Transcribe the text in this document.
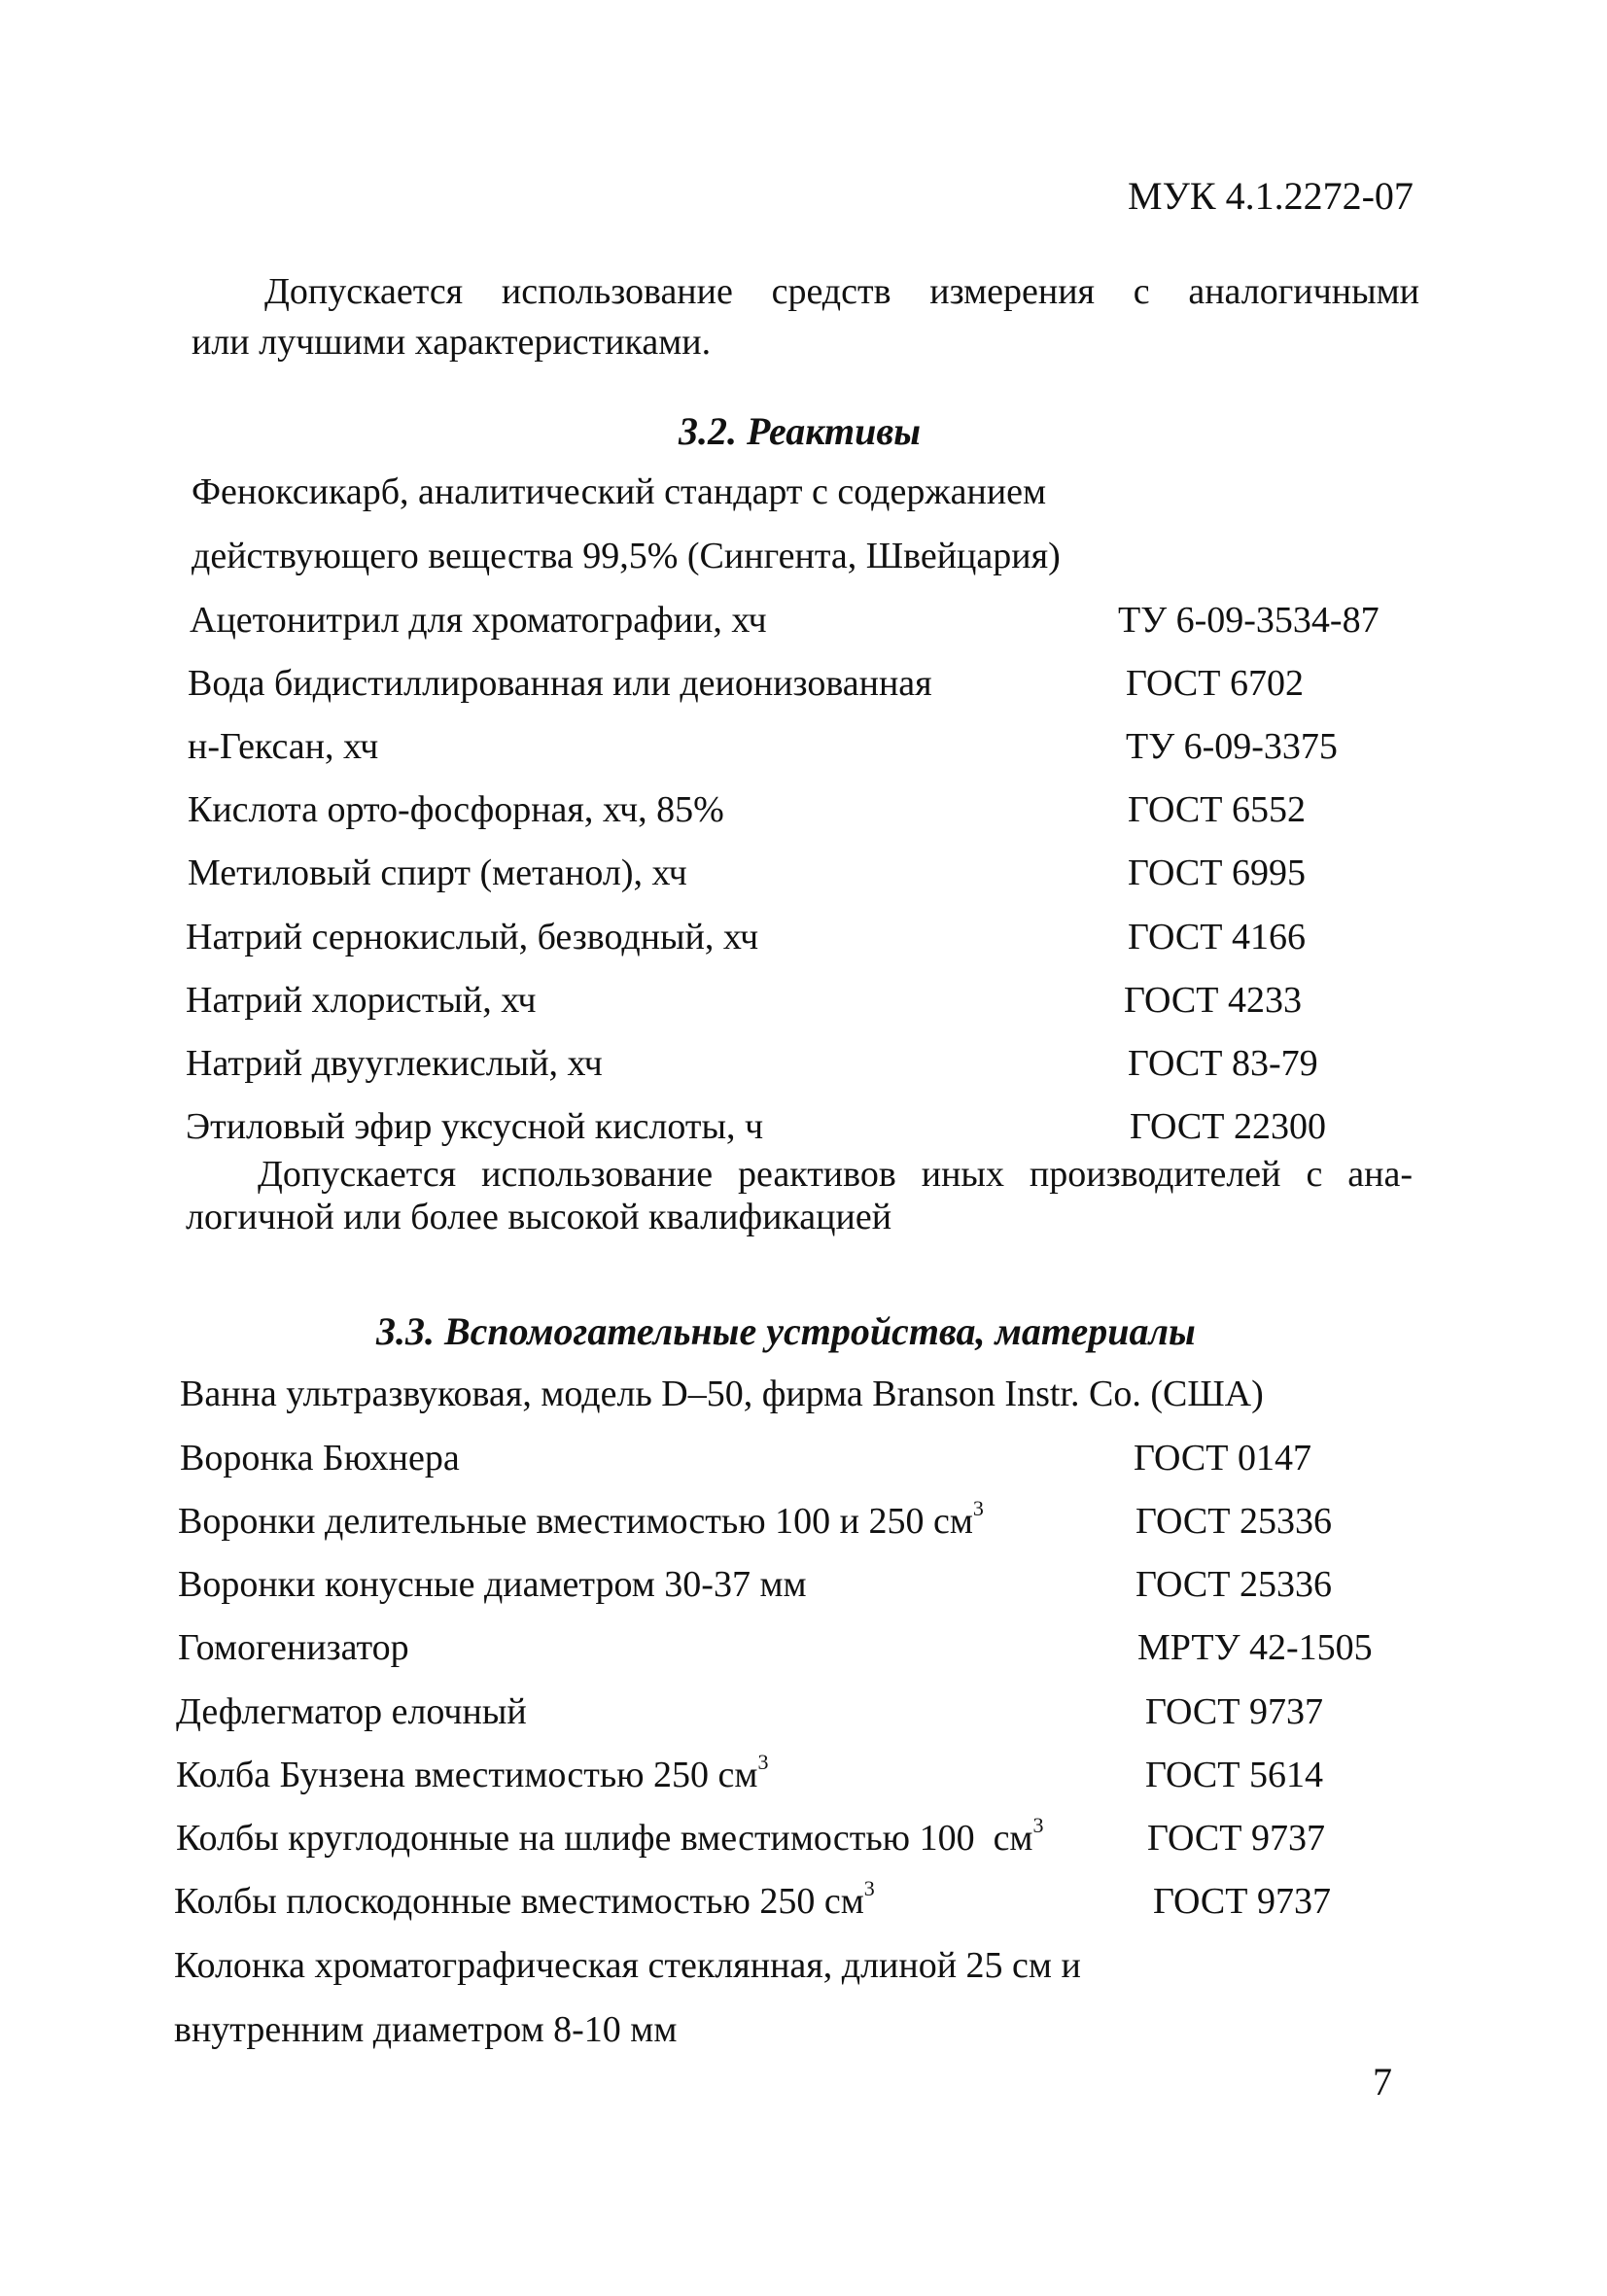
МУК 4.1.2272-07
Допускается использование средств измерения с аналогичными
или лучшими характеристиками.
3.2. Реактивы
Феноксикарб, аналитический стандарт с содержанием
действующего вещества 99,5% (Сингента, Швейцария)
Ацетонитрил для хроматографии, хч	ТУ 6-09-3534-87
Вода бидистиллированная или деионизованная	ГОСТ 6702
н-Гексан, хч	ТУ 6-09-3375
Кислота орто-фосфорная, хч, 85%	ГОСТ 6552
Метиловый спирт (метанол), хч	ГОСТ 6995
Натрий сернокислый, безводный, хч	ГОСТ 4166
Натрий хлористый, хч	ГОСТ 4233
Натрий двууглекислый, хч	ГОСТ 83-79
Этиловый эфир уксусной кислоты, ч	ГОСТ 22300
Допускается использование реактивов иных производителей с ана-
логичной или более высокой квалификацией
3.3. Вспомогательные устройства, материалы
Ванна ультразвуковая, модель D–50, фирма Branson Instr. Co. (США)
Воронка Бюхнера	ГОСТ 0147
Воронки делительные вместимостью 100 и 250 $см^3$	ГОСТ 25336
Воронки конусные диаметром 30-37 мм	ГОСТ 25336
Гомогенизатор	МРТУ 42-1505
Дефлегматор елочный	ГОСТ 9737
Колба Бунзена вместимостью 250 $см^3$	ГОСТ 5614
Колбы круглодонные на шлифе вместимостью 100  $см^3$	ГОСТ 9737
Колбы плоскодонные вместимостью 250 $см^3$	ГОСТ 9737
Колонка хроматографическая стеклянная, длиной 25 см и
внутренним диаметром 8-10 мм
7
